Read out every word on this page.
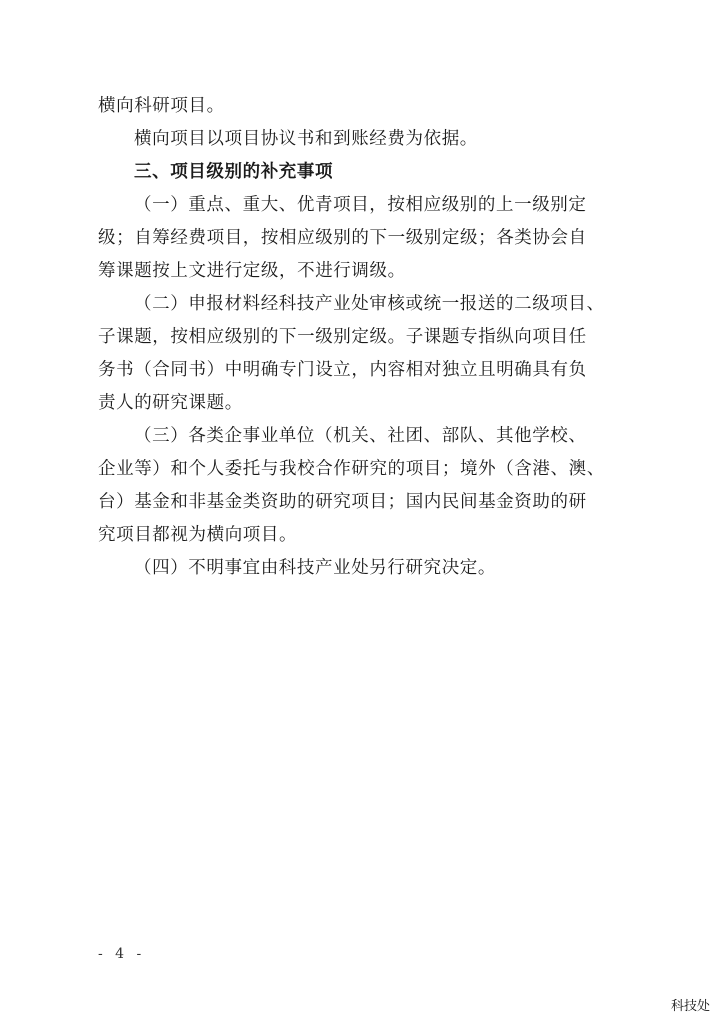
横向科研项目。
横向项目以项目协议书和到账经费为依据。
三、项目级别的补充事项
（一）重点、重大、优青项目，按相应级别的上一级别定
级；自筹经费项目，按相应级别的下一级别定级；各类协会自
筹课题按上文进行定级，不进行调级。
（二）申报材料经科技产业处审核或统一报送的二级项目、
子课题，按相应级别的下一级别定级。子课题专指纵向项目任
务书（合同书）中明确专门设立，内容相对独立且明确具有负
责人的研究课题。
（三）各类企事业单位（机关、社团、部队、其他学校、
企业等）和个人委托与我校合作研究的项目；境外（含港、澳、
台）基金和非基金类资助的研究项目；国内民间基金资助的研
究项目都视为横向项目。
（四）不明事宜由科技产业处另行研究决定。
- 4 -
科技处
